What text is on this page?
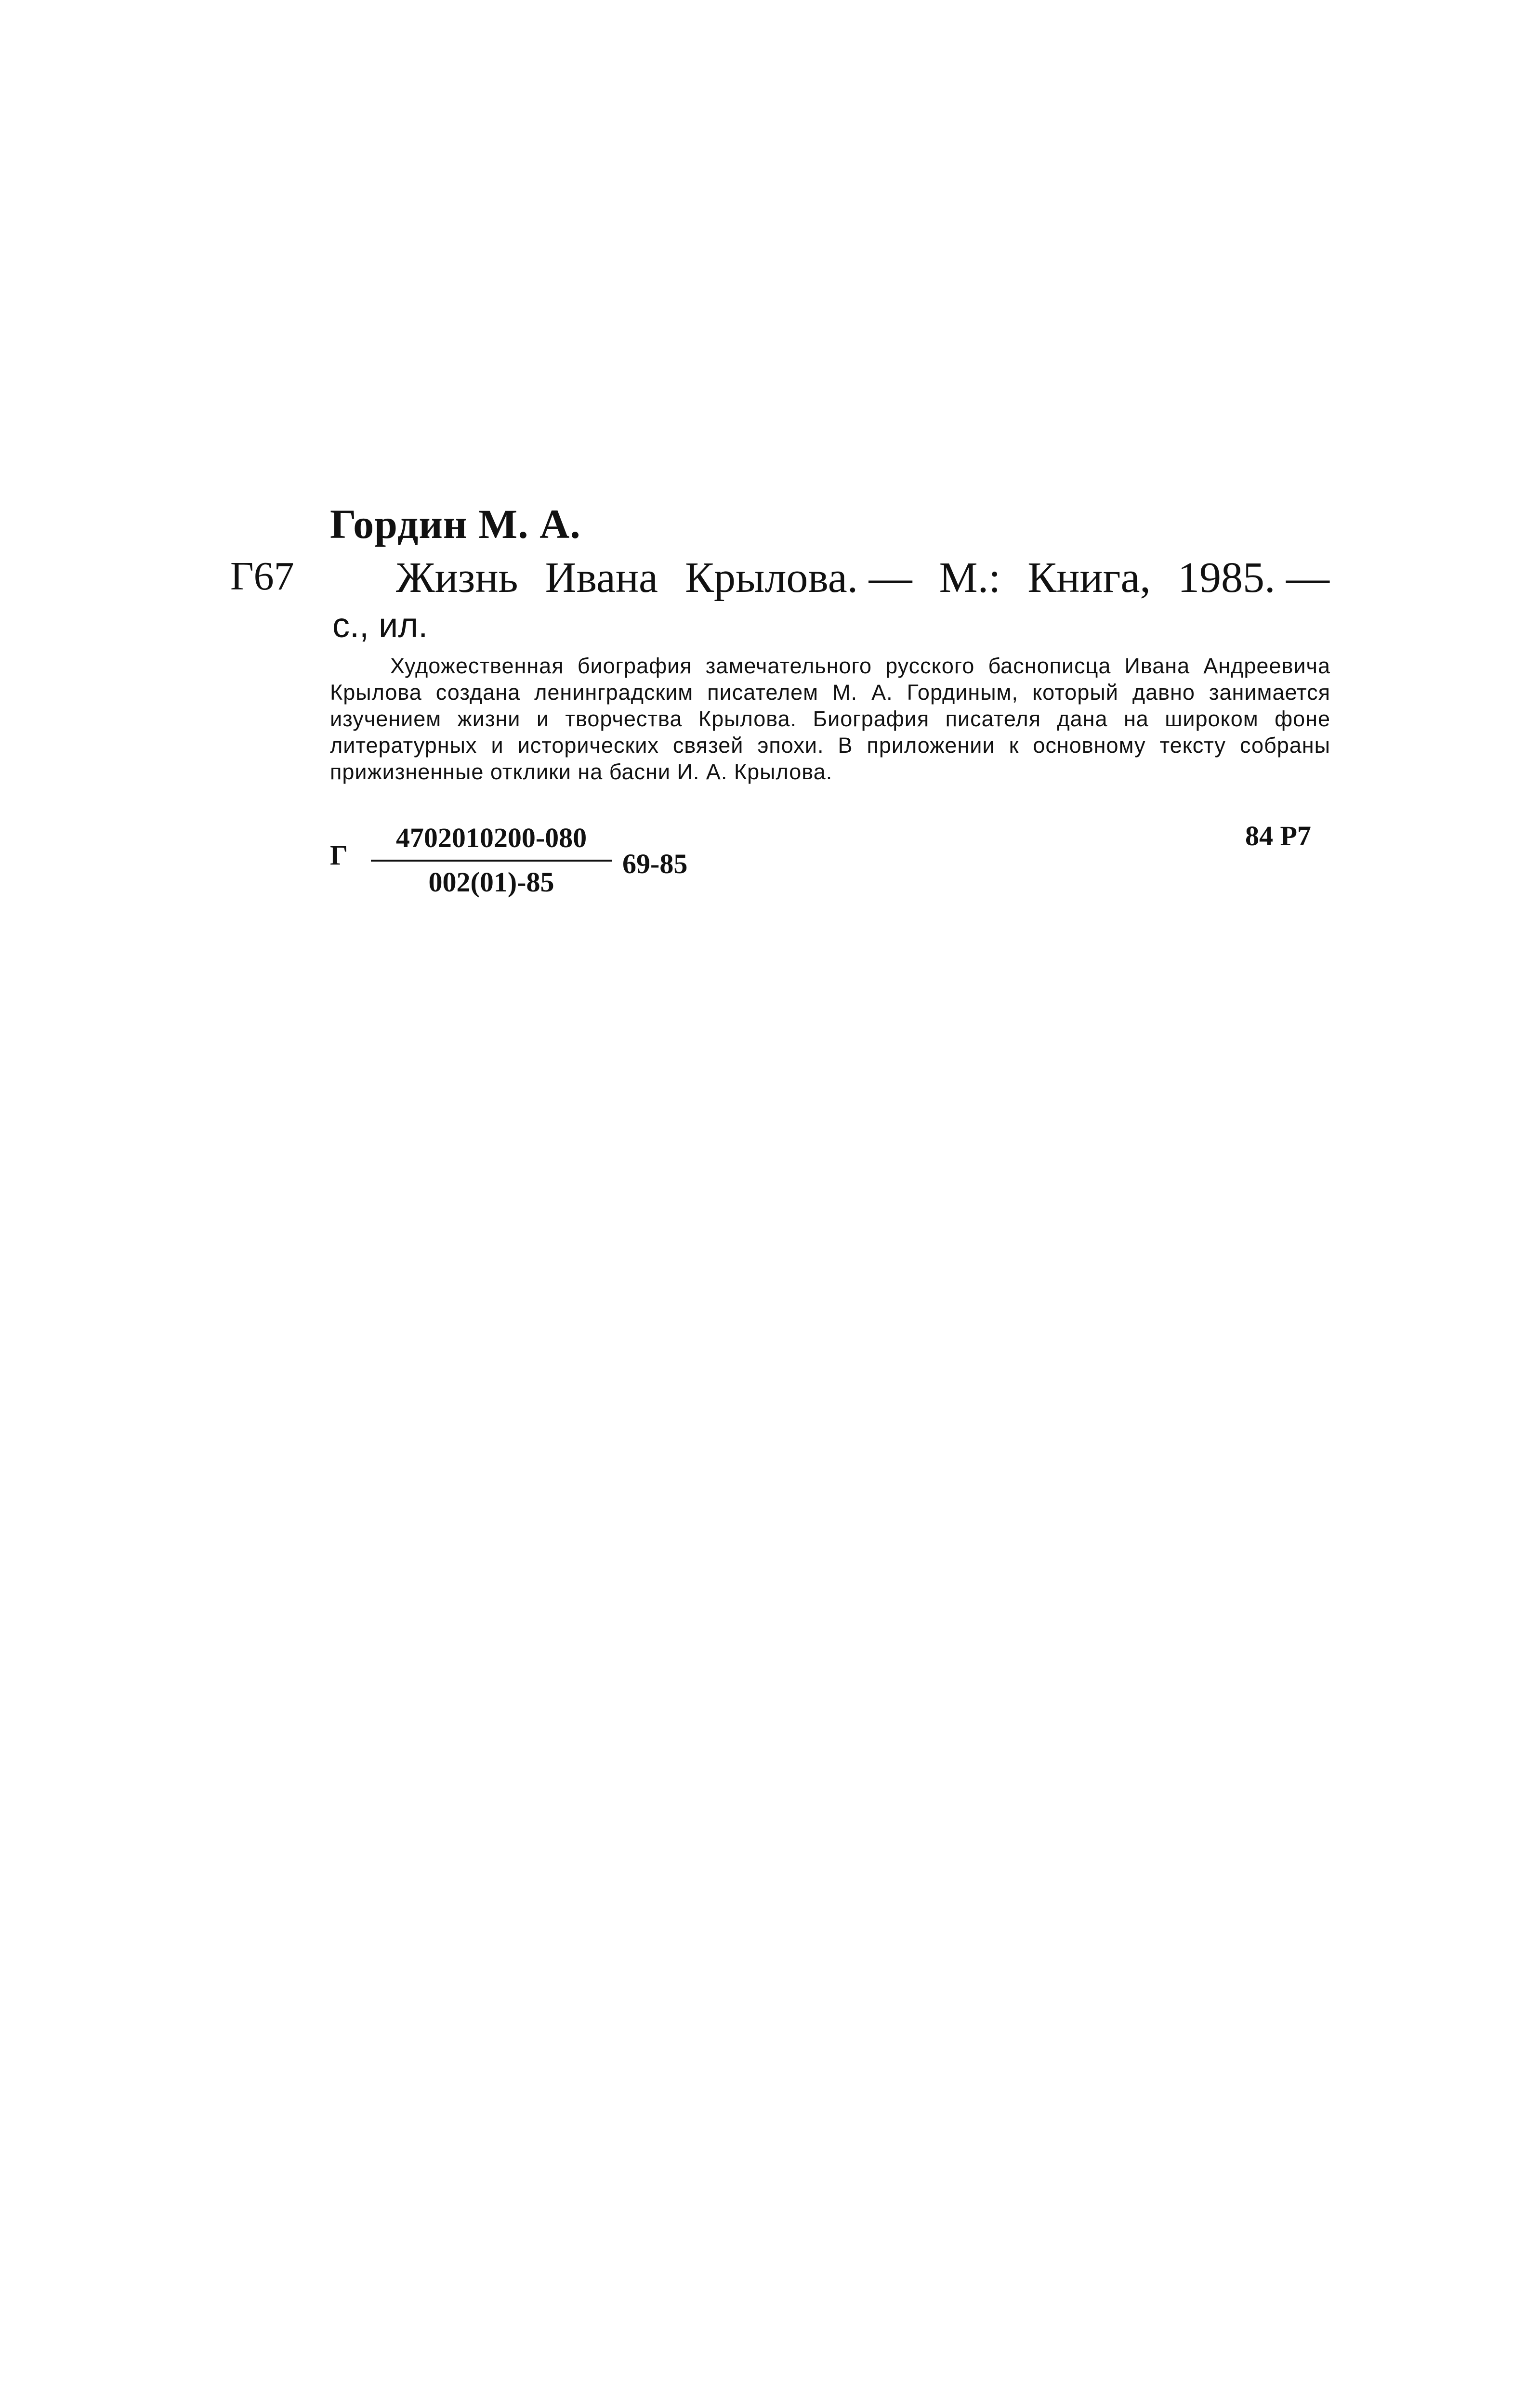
Гордин М. А.
Г67 Жизнь Ивана Крылова. — М.: Книга, 1985. —
с., ил.

Художественная биография замечательного русского баснописца Ивана Андреевича Крылова создана ленинградским писателем М. А. Гординым, который давно занимается изучением жизни и творчества Крылова. Биография писателя дана на широком фоне литературных и исторических связей эпохи. В приложении к основному тексту собраны прижизненные отклики на басни И. А. Крылова.

Г
4702010200-080
002(01)-85
69-85
84 Р7
